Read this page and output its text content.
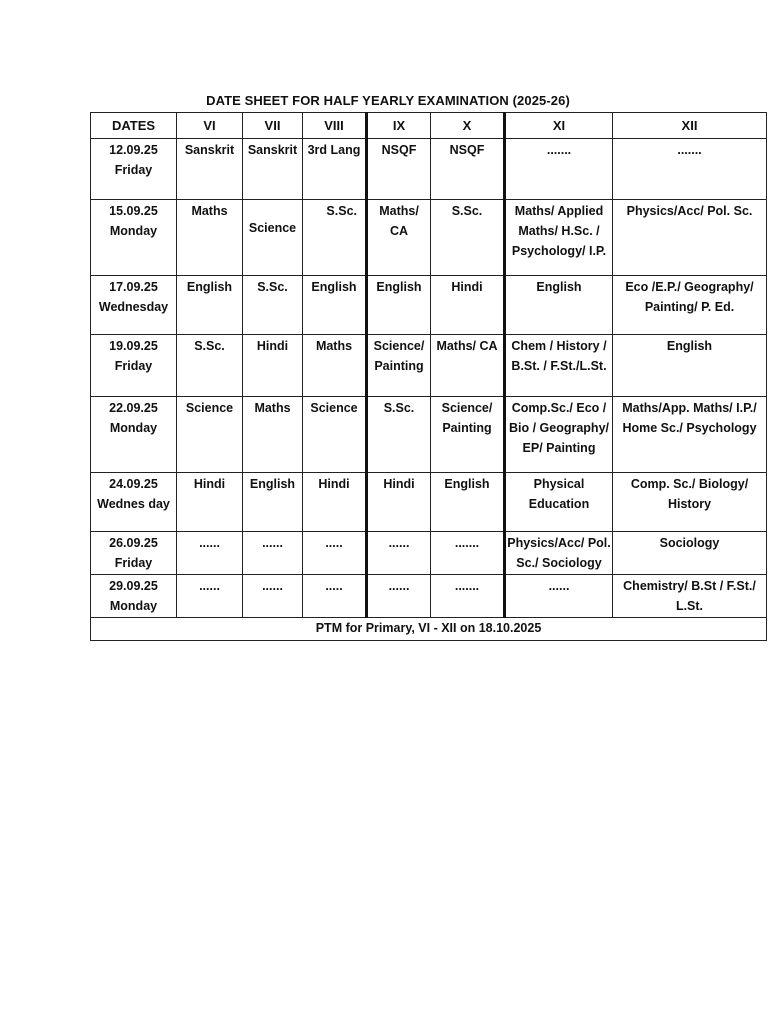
DATE SHEET FOR HALF YEARLY EXAMINATION (2025-26)
DATES	VI	VII	VIII	IX	X	XI	XII
12.09.25
Friday	Sanskrit	Sanskrit	3rd Lang	NSQF	NSQF	.......	.......
15.09.25
Monday	Maths	Science	S.Sc.	Maths/ CA	S.Sc.	Maths/ Applied Maths/ H.Sc. / Psychology/ I.P.	Physics/Acc/ Pol. Sc.
17.09.25
Wednesday	English	S.Sc.	English	English	Hindi	English	Eco /E.P./ Geography/ Painting/ P. Ed.
19.09.25
Friday	S.Sc.	Hindi	Maths	Science/ Painting	Maths/ CA	Chem / History / B.St. / F.St./L.St.	English
22.09.25
Monday	Science	Maths	Science	S.Sc.	Science/ Painting	Comp.Sc./ Eco / Bio / Geography/ EP/ Painting	Maths/App. Maths/ I.P./ Home Sc./ Psychology
24.09.25
Wednes day	Hindi	English	Hindi	Hindi	English	Physical Education	Comp. Sc./ Biology/ History
26.09.25
Friday	......	......	.....	......	.......	Physics/Acc/ Pol. Sc./ Sociology	Sociology
29.09.25
Monday	......	......	.....	......	.......	......	Chemistry/ B.St / F.St./ L.St.
PTM for Primary, VI - XII on 18.10.2025							
